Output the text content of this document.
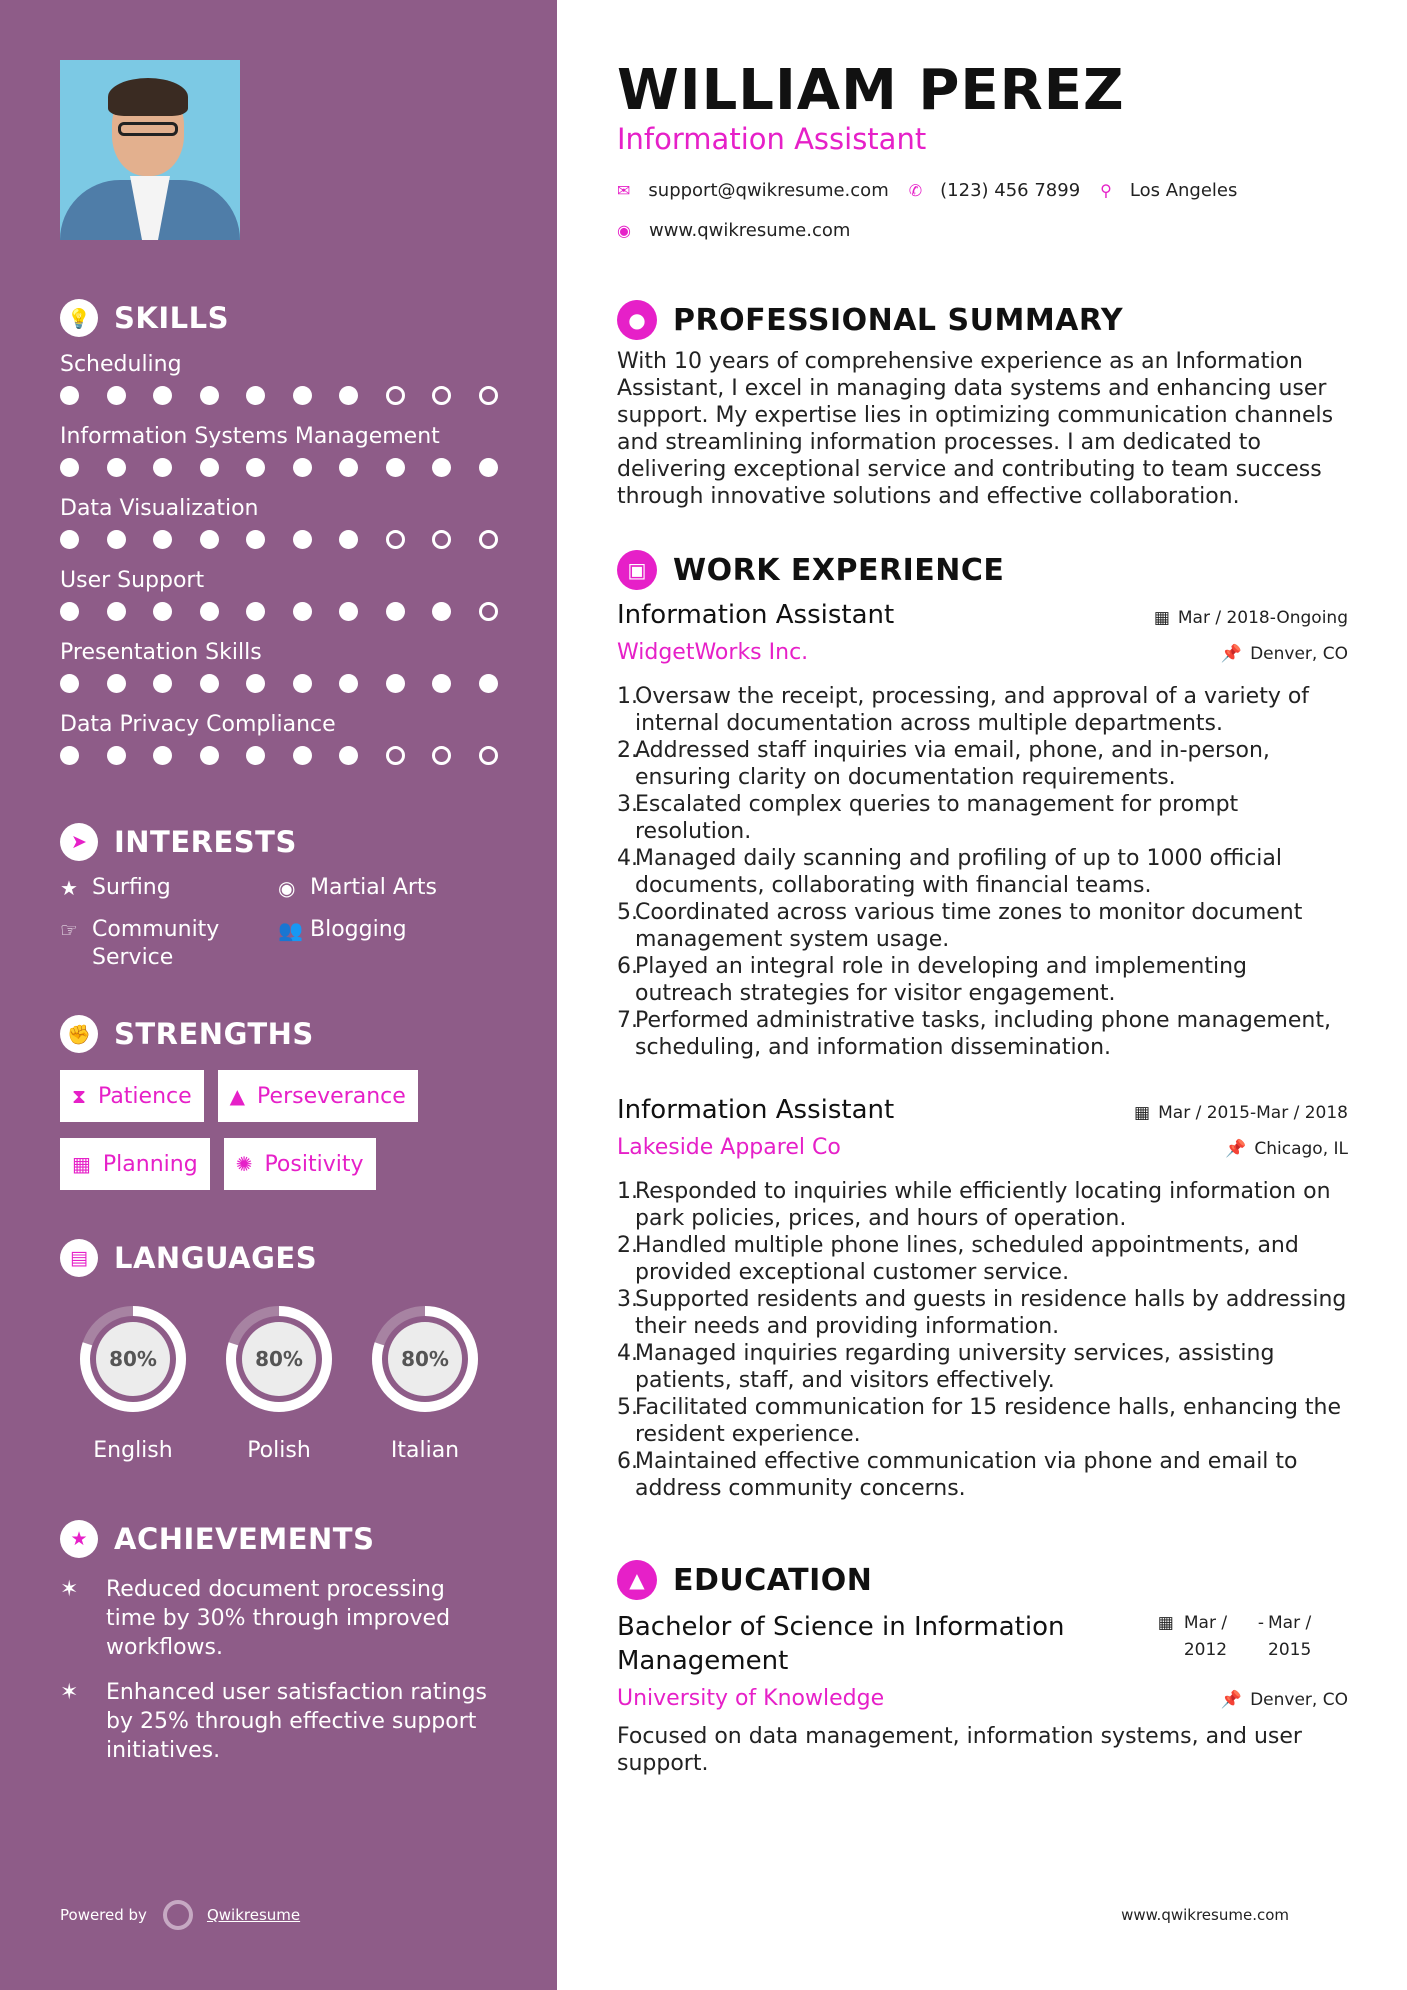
💡 SKILLS
Scheduling
Information Systems Management
Data Visualization
User Support
Presentation Skills
Data Privacy Compliance
➤ INTERESTS
★ Surfing	◉ Martial Arts
☞ Community Service
👥 Blogging
✊ STRENGTHS
⧗ Patience ▲ Perseverance
▦ Planning ✺ Positivity
▤ LANGUAGES
80%
English
80%
Polish
80%
Italian
★ ACHIEVEMENTS
✶	Reduced document processing time by 30% through improved workflows.
✶	Enhanced user satisfaction ratings by 25% through effective support initiatives.
Powered by	Qwikresume
WILLIAM PEREZ
Information Assistant
✉ support@qwikresume.com ✆ (123) 456 7899 ⚲ Los Angeles
◉ www.qwikresume.com
● PROFESSIONAL SUMMARY
With 10 years of comprehensive experience as an Information Assistant, I excel in managing data systems and enhancing user support. My expertise lies in optimizing communication channels and streamlining information processes. I am dedicated to delivering exceptional service and contributing to team success through innovative solutions and effective collaboration.
▣ WORK EXPERIENCE
Information Assistant	▦ Mar / 2018-Ongoing
WidgetWorks Inc.	📌 Denver, CO
1.
Oversaw the receipt, processing, and approval of a variety of internal documentation across multiple departments.
2.
Addressed staff inquiries via email, phone, and in-person, ensuring clarity on documentation requirements.
3.
Escalated complex queries to management for prompt resolution.
4.
Managed daily scanning and profiling of up to 1000 official documents, collaborating with financial teams.
5.
Coordinated across various time zones to monitor document management system usage.
6.
Played an integral role in developing and implementing outreach strategies for visitor engagement.
7.
Performed administrative tasks, including phone management, scheduling, and information dissemination.
Information Assistant	▦ Mar / 2015-Mar / 2018
Lakeside Apparel Co	📌 Chicago, IL
1.
Responded to inquiries while efficiently locating information on park policies, prices, and hours of operation.
2.
Handled multiple phone lines, scheduled appointments, and provided exceptional customer service.
3.
Supported residents and guests in residence halls by addressing their needs and providing information.
4.
Managed inquiries regarding university services, assisting patients, staff, and visitors effectively.
5.
Facilitated communication for 15 residence halls, enhancing the resident experience.
6.
Maintained effective communication via phone and email to address community concerns.
▲ EDUCATION
Bachelor of Science in Information Management
▦ Mar / 2012
- Mar / 2015
University of Knowledge	📌 Denver, CO
Focused on data management, information systems, and user support.
www.qwikresume.com
